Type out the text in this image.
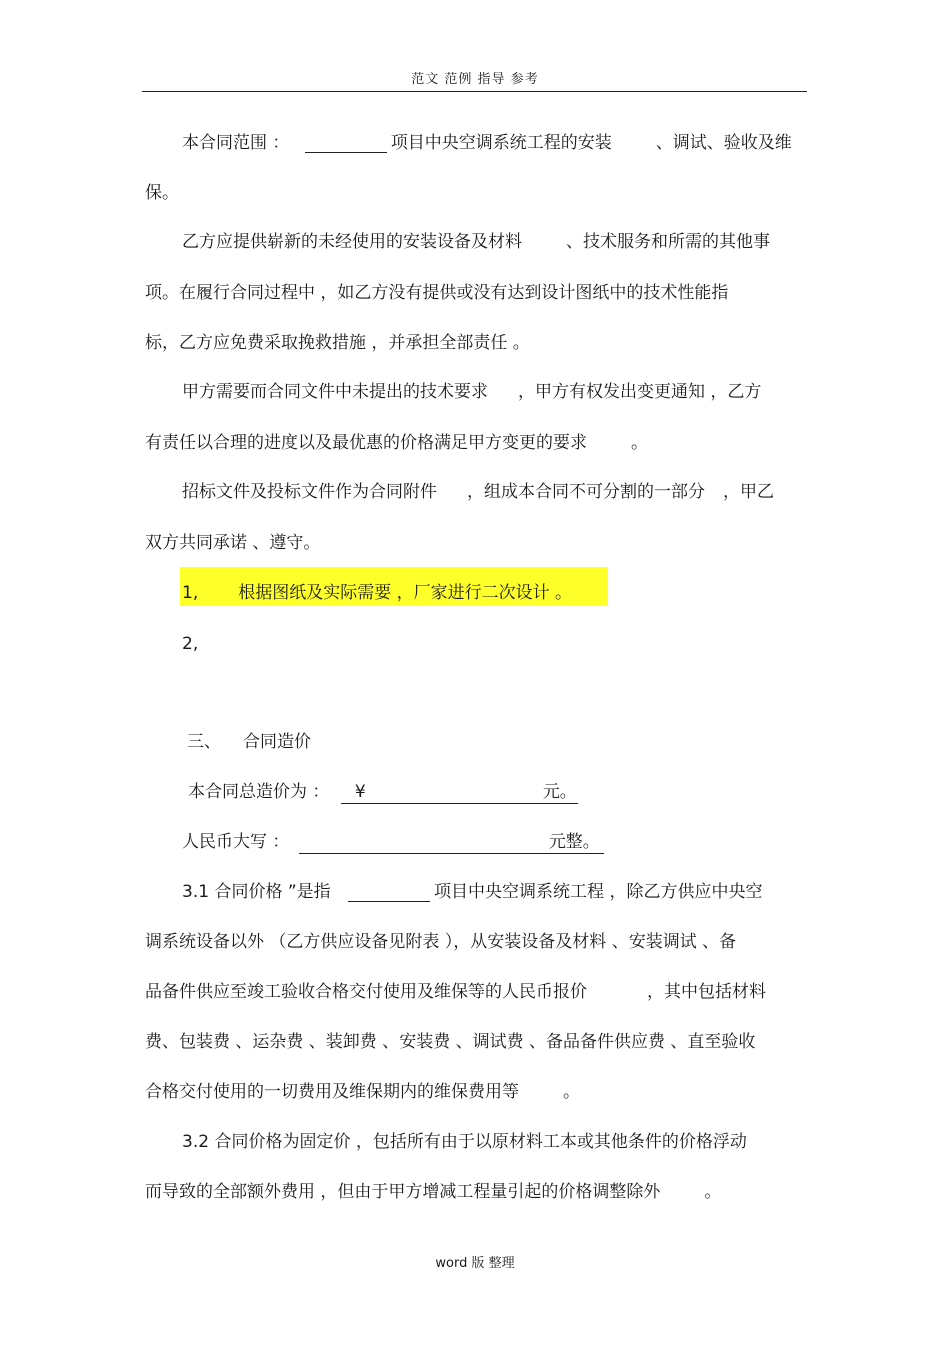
范文 范例 指导 参考
本合同范围 ：	项目中央空调系统工程的安装	、调试、验收及维
保。
乙方应提供崭新的未经使用的安装设备及材料	、技术服务和所需的其他事
项。在履行合同过程中 ，如乙方没有提供或没有达到设计图纸中的技术性能指
标，乙方应免费采取挽救措施 ，并承担全部责任 。
甲方需要而合同文件中未提出的技术要求 ，甲方有权发出变更通知 ，乙方
有责任以合理的进度以及最优惠的价格满足甲方变更的要求	。
招标文件及投标文件作为合同附件 ，组成本合同不可分割的一部分 ，甲乙
双方共同承诺 、遵守。
1, 根据图纸及实际需要 ，厂家进行二次设计 。
2,
三、 合同造价
本合同总造价为 ： ¥	元。
人民币大写 ：	元整。
3.1 合同价格 ”是指	项目中央空调系统工程 ，除乙方供应中央空
调系统设备以外 （乙方供应设备见附表 ），从安装设备及材料 、安装调试 、备
品备件供应至竣工验收合格交付使用及维保等的人民币报价	，其中包括材料
费、包装费 、运杂费 、装卸费 、安装费 、调试费 、备品备件供应费 、直至验收
合格交付使用的一切费用及维保期内的维保费用等	。
3.2 合同价格为固定价 ，包括所有由于以原材料工本或其他条件的价格浮动
而导致的全部额外费用 ，但由于甲方增减工程量引起的价格调整除外	。
word 版 整理
